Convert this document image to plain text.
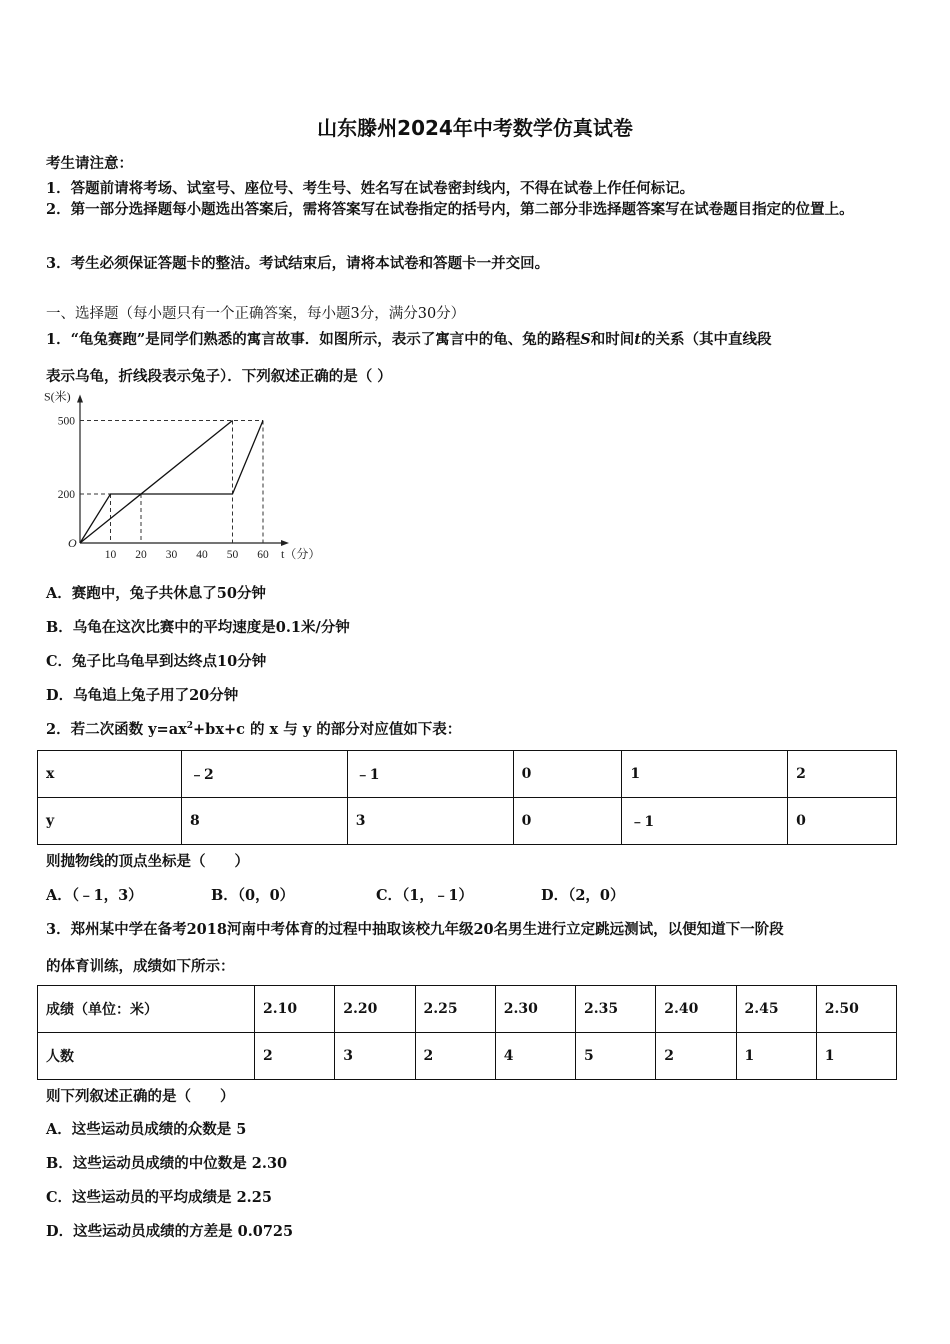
山东滕州2024年中考数学仿真试卷
考生请注意：
1．答题前请将考场、试室号、座位号、考生号、姓名写在试卷密封线内，不得在试卷上作任何标记。
2．第一部分选择题每小题选出答案后，需将答案写在试卷指定的括号内，第二部分非选择题答案写在试卷题目指定的位置上。
3．考生必须保证答题卡的整洁。考试结束后，请将本试卷和答题卡一并交回。
一、选择题（每小题只有一个正确答案，每小题3分，满分30分）
1．“龟兔赛跑”是同学们熟悉的寓言故事．如图所示，表示了寓言中的龟、兔的路程S和时间t的关系（其中直线段
表示乌龟，折线段表示兔子）．下列叙述正确的是（ ）
10 20 30 40 50 60
200
500
O
S(米)
t（分）
A．赛跑中，兔子共休息了50分钟
B．乌龟在这次比赛中的平均速度是0.1米/分钟
C．兔子比乌龟早到达终点10分钟
D．乌龟追上兔子用了20分钟
2．若二次函数 $y=ax^2+bx+c$ 的 x 与 y 的部分对应值如下表：
x	﹣2	﹣1	0	1	2
y	8	3	0	﹣1	0
则抛物线的顶点坐标是（　　）
A．（﹣1，3）	B．（0，0）	C．（1，﹣1）	D．（2，0）
3．郑州某中学在备考2018河南中考体育的过程中抽取该校九年级20名男生进行立定跳远测试，以便知道下一阶段
的体育训练，成绩如下所示：
成绩（单位：米）	2.10	2.20	2.25	2.30	2.35	2.40	2.45	2.50
人数	2	3	2	4	5	2	1	1
则下列叙述正确的是（　　）
A．这些运动员成绩的众数是 5
B．这些运动员成绩的中位数是 2.30
C．这些运动员的平均成绩是 2.25
D．这些运动员成绩的方差是 0.0725
